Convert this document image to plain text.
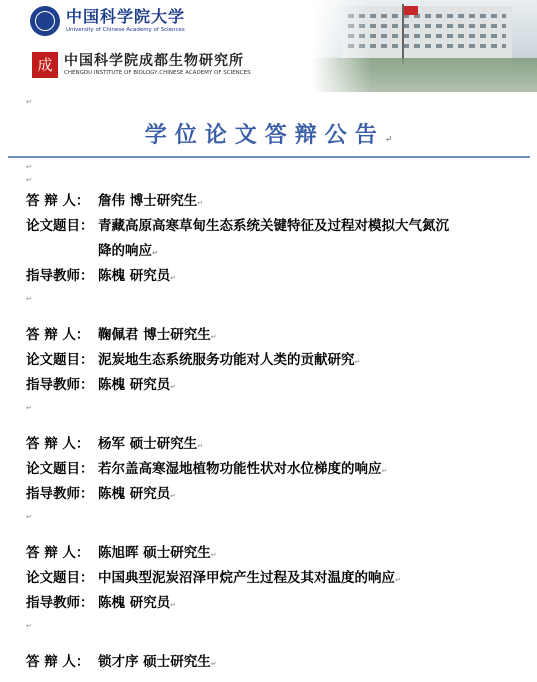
中国科学院大学
University of Chinese Academy of Sciences
成 中国科学院成都生物研究所
CHENGDU INSTITUTE OF BIOLOGY,CHINESE ACADEMY OF SCIENCES
↵
学位论文答辩公告↵
↵
↵
答 辩 人： 詹伟 博士研究生↵
论文题目： 青藏高原高寒草甸生态系统关键特征及过程对模拟大气氮沉
降的响应↵
指导教师： 陈槐 研究员↵
↵
答 辩 人： 鞠佩君 博士研究生↵
论文题目： 泥炭地生态系统服务功能对人类的贡献研究↵
指导教师： 陈槐 研究员↵
↵
答 辩 人： 杨军 硕士研究生↵
论文题目： 若尔盖高寒湿地植物功能性状对水位梯度的响应↵
指导教师： 陈槐 研究员↵
↵
答 辩 人： 陈旭晖 硕士研究生↵
论文题目： 中国典型泥炭沼泽甲烷产生过程及其对温度的响应↵
指导教师： 陈槐 研究员↵
↵
答 辩 人： 锁才序 硕士研究生↵
